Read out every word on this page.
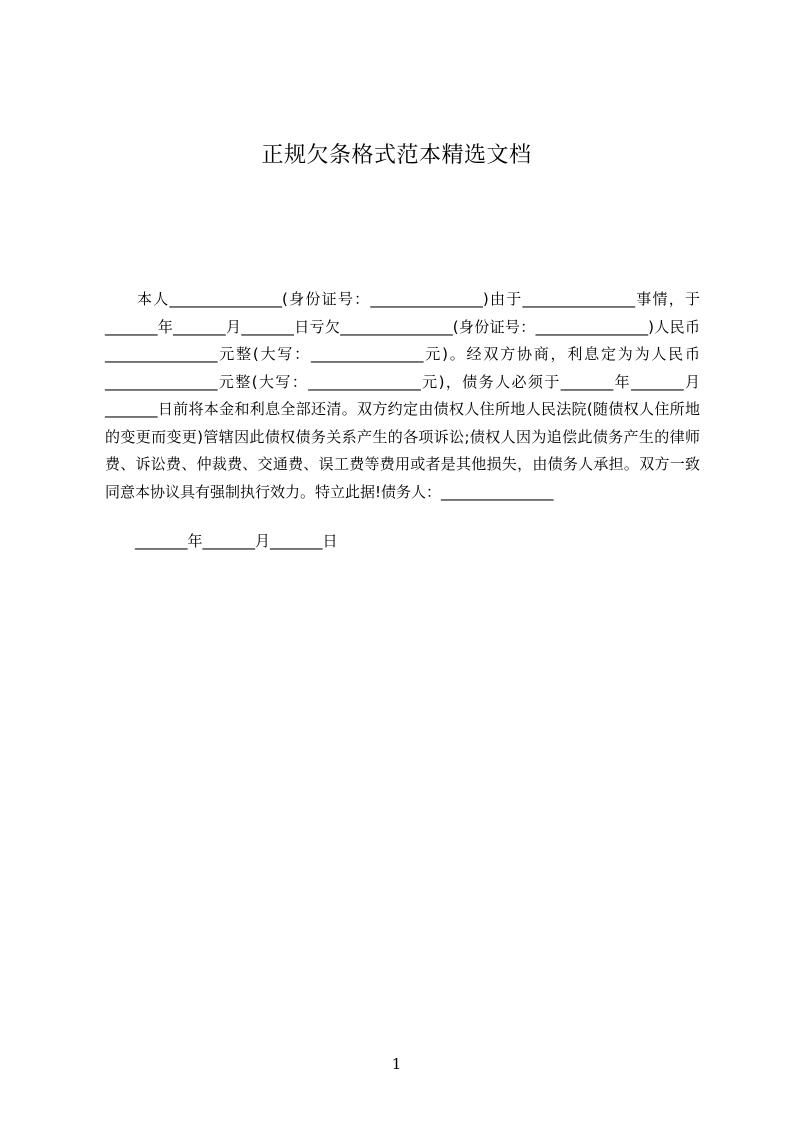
正规欠条格式范本精选文档
本人_______________(身份证号：_______________)由于_______________事情，于_______年_______月_______日亏欠_______________(身份证号：_______________)人民币_______________元整(大写：_______________元)。经双方协商，利息定为为人民币_______________元整(大写：_______________元)，债务人必须于_______年_______月_______日前将本金和利息全部还清。双方约定由债权人住所地人民法院(随债权人住所地的变更而变更)管辖因此债权债务关系产生的各项诉讼;债权人因为追偿此债务产生的律师费、诉讼费、仲裁费、交通费、误工费等费用或者是其他损失，由债务人承担。双方一致同意本协议具有强制执行效力。特立此据!债务人：_______________
_______年_______月_______日
1
